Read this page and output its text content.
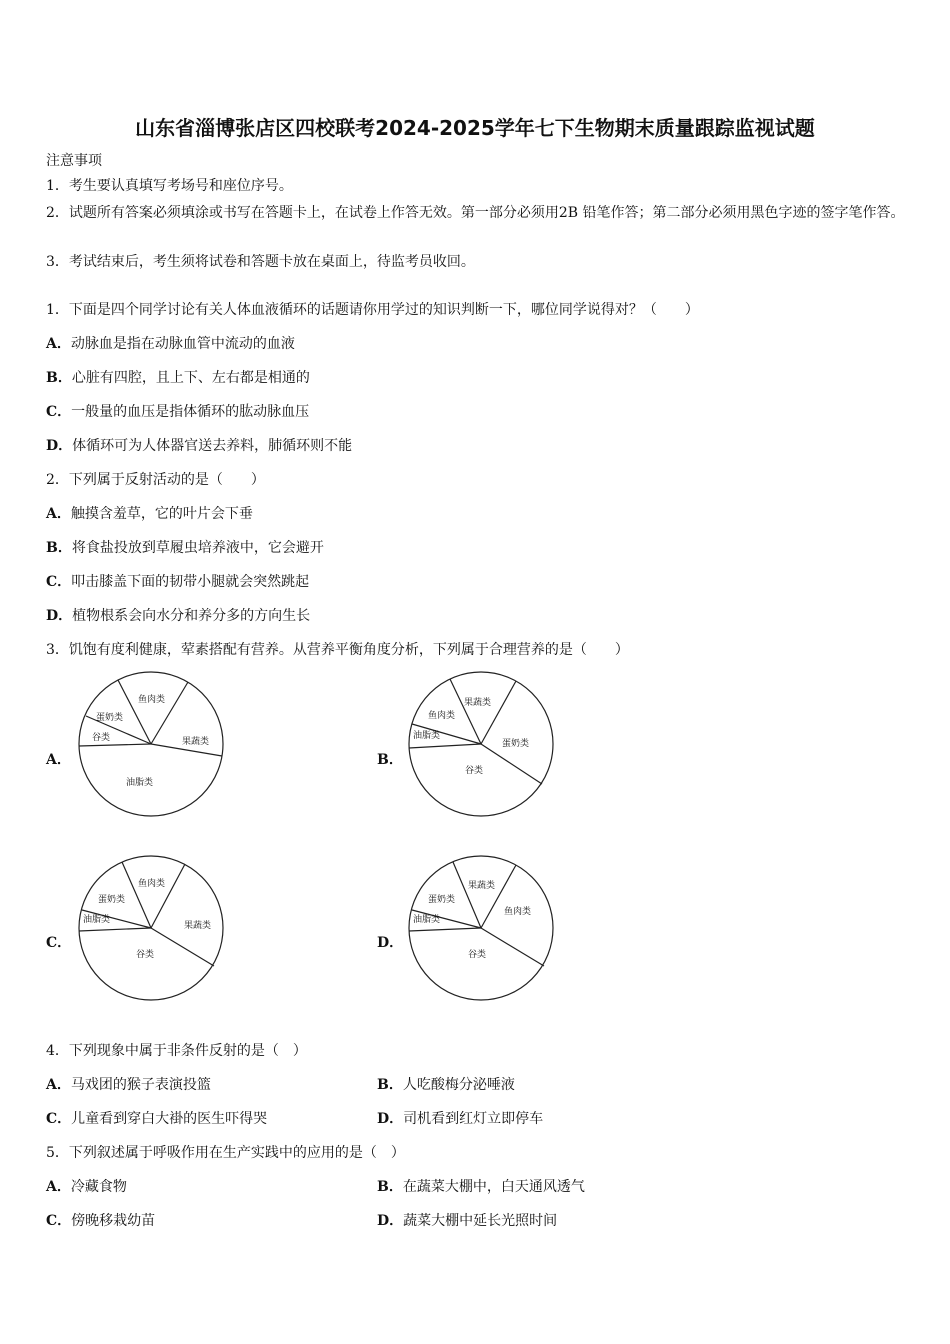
山东省淄博张店区四校联考2024-2025学年七下生物期末质量跟踪监视试题
注意事项
1．考生要认真填写考场号和座位序号。
2．试题所有答案必须填涂或书写在答题卡上，在试卷上作答无效。第一部分必须用2B 铅笔作答；第二部分必须用黑色字迹的签字笔作答。
3．考试结束后，考生须将试卷和答题卡放在桌面上，待监考员收回。
1．下面是四个同学讨论有关人体血液循环的话题请你用学过的知识判断一下，哪位同学说得对？（　　）
A．动脉血是指在动脉血管中流动的血液
B．心脏有四腔，且上下、左右都是相通的
C．一般量的血压是指体循环的肱动脉血压
D．体循环可为人体器官送去养料，肺循环则不能
2．下列属于反射活动的是（　　）
A．触摸含羞草，它的叶片会下垂
B．将食盐投放到草履虫培养液中，它会避开
C．叩击膝盖下面的韧带小腿就会突然跳起
D．植物根系会向水分和养分多的方向生长
3．饥饱有度利健康，荤素搭配有营养。从营养平衡角度分析，下列属于合理营养的是（　　）
A．
鱼肉类
果蔬类
油脂类
谷类
蛋奶类
B．
果蔬类
蛋奶类
谷类
油脂类
鱼肉类
C．
鱼肉类
果蔬类
谷类
油脂类
蛋奶类
D．
果蔬类
鱼肉类
谷类
油脂类
蛋奶类
4．下列现象中属于非条件反射的是（　）
A．马戏团的猴子表演投篮	B．人吃酸梅分泌唾液
C．儿童看到穿白大褂的医生吓得哭	D．司机看到红灯立即停车
5．下列叙述属于呼吸作用在生产实践中的应用的是（　）
A．冷藏食物	B．在蔬菜大棚中，白天通风透气
C．傍晚移栽幼苗	D．蔬菜大棚中延长光照时间
